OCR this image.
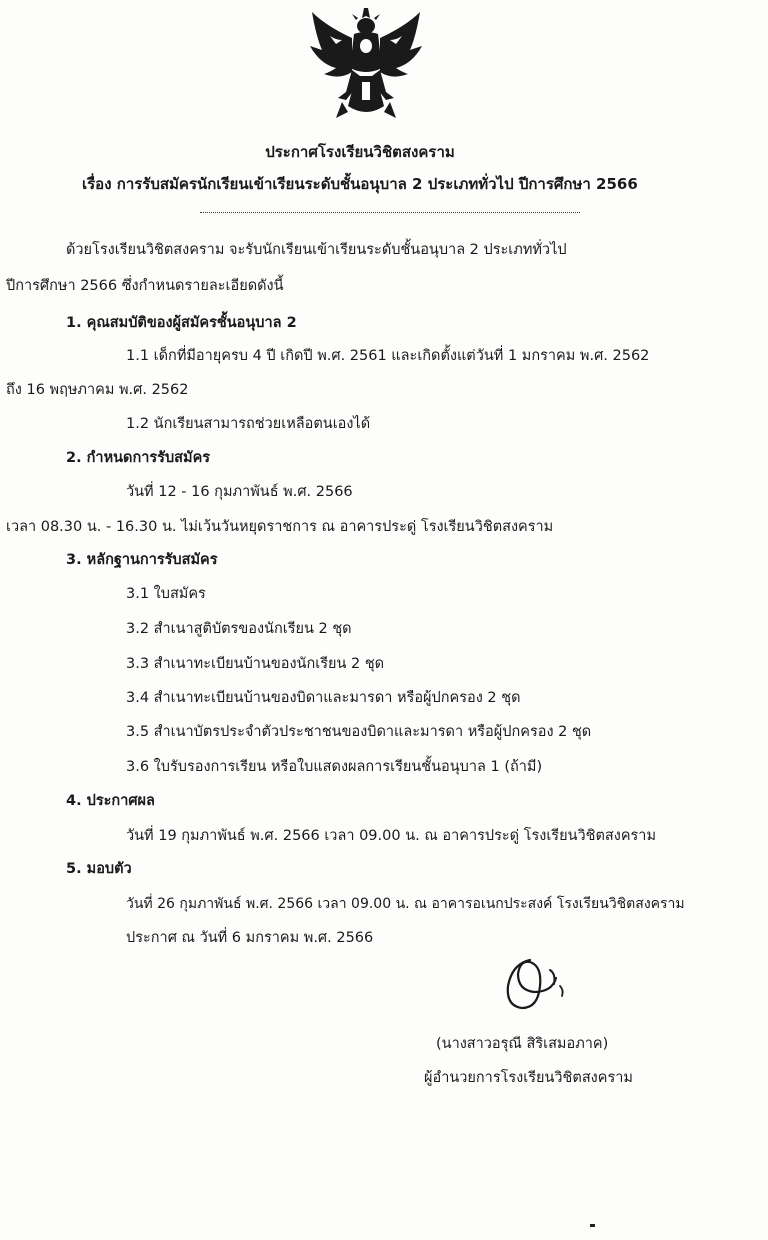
ประกาศโรงเรียนวิชิตสงคราม
เรื่อง การรับสมัครนักเรียนเข้าเรียนระดับชั้นอนุบาล 2 ประเภททั่วไป ปีการศึกษา 2566
ด้วยโรงเรียนวิชิตสงคราม จะรับนักเรียนเข้าเรียนระดับชั้นอนุบาล 2 ประเภททั่วไป
ปีการศึกษา 2566 ซึ่งกำหนดรายละเอียดดังนี้
1. คุณสมบัติของผู้สมัครชั้นอนุบาล 2
1.1 เด็กที่มีอายุครบ 4 ปี เกิดปี พ.ศ. 2561 และเกิดตั้งแต่วันที่ 1 มกราคม พ.ศ. 2562
ถึง 16 พฤษภาคม พ.ศ. 2562
1.2 นักเรียนสามารถช่วยเหลือตนเองได้
2. กำหนดการรับสมัคร
วันที่ 12 - 16 กุมภาพันธ์ พ.ศ. 2566
เวลา 08.30 น. - 16.30 น. ไม่เว้นวันหยุดราชการ ณ อาคารประดู่ โรงเรียนวิชิตสงคราม
3. หลักฐานการรับสมัคร
3.1 ใบสมัคร
3.2 สำเนาสูติบัตรของนักเรียน 2 ชุด
3.3 สำเนาทะเบียนบ้านของนักเรียน 2 ชุด
3.4 สำเนาทะเบียนบ้านของบิดาและมารดา หรือผู้ปกครอง 2 ชุด
3.5 สำเนาบัตรประจำตัวประชาชนของบิดาและมารดา หรือผู้ปกครอง 2 ชุด
3.6 ใบรับรองการเรียน หรือใบแสดงผลการเรียนชั้นอนุบาล 1 (ถ้ามี)
4. ประกาศผล
วันที่ 19 กุมภาพันธ์ พ.ศ. 2566 เวลา 09.00 น. ณ อาคารประดู่ โรงเรียนวิชิตสงคราม
5. มอบตัว
วันที่ 26 กุมภาพันธ์ พ.ศ. 2566 เวลา 09.00 น. ณ อาคารอเนกประสงค์ โรงเรียนวิชิตสงคราม
ประกาศ ณ วันที่ 6 มกราคม พ.ศ. 2566
(นางสาวอรุณี สิริเสมอภาค)
ผู้อำนวยการโรงเรียนวิชิตสงคราม
